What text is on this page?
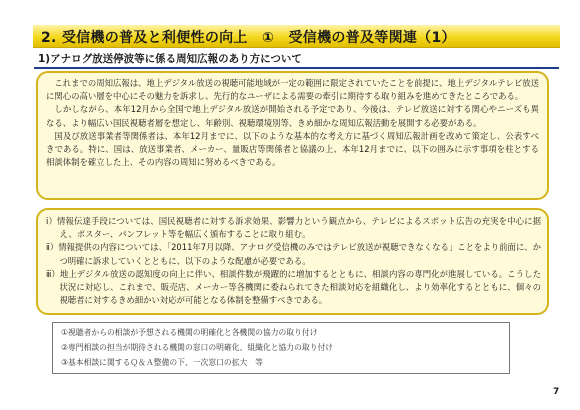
2. 受信機の普及と利便性の向上　①　受信機の普及等関連（1）
1)アナログ放送停波等に係る周知広報のあり方について

これまでの周知広報は、地上デジタル放送の視聴可能地域が一定の範囲に限定されていたことを前提に、地上デジタルテレビ放送に関心の高い層を中心にその魅力を訴求し、先行的なユーザによる需要の牽引に期待する取り組みを進めてきたところである。

しかしながら、本年12月から全国で地上デジタル放送が開始される予定であり、今後は、テレビ放送に対する関心やニーズも異なる、より幅広い国民視聴者層を想定し、年齢別、視聴環境別等、きめ細かな周知広報活動を展開する必要がある。

国及び放送事業者等関係者は、本年12月までに、以下のような基本的な考え方に基づく周知広報計画を改めて策定し、公表すべきである。特に、国は、放送事業者、メーカー、量販店等関係者と協議の上、本年12月までに、以下の囲みに示す事項を柱とする相談体制を確立した上、その内容の周知に努めるべきである。

ⅰ）情報伝達手段については、国民視聴者に対する訴求効果、影響力という観点から、テレビによるスポット広告の充実を中心に据え、ポスター、パンフレット等を幅広く頒布することに取り組む。

ⅱ）情報提供の内容については、「2011年7月以降、アナログ受信機のみではテレビ放送が視聴できなくなる」ことをより前面に、かつ明確に訴求していくとともに、以下のような配慮が必要である。

ⅲ）地上デジタル放送の認知度の向上に伴い、相談件数が飛躍的に増加するとともに、相談内容の専門化が進展している。こうした状況に対応し、これまで、販売店、メーカー等各機関に委ねられてきた相談対応を組織化し、より効率化するとともに、個々の視聴者に対するきめ細かい対応が可能となる体制を整備すべきである。

①視聴者からの相談が予想される機関の明確化と各機関の協力の取り付け

②専門相談の担当が期待される機関の窓口の明確化、組織化と協力の取り付け

③基本相談に関するＱ＆Ａ整備の下、一次窓口の拡大　等

7
